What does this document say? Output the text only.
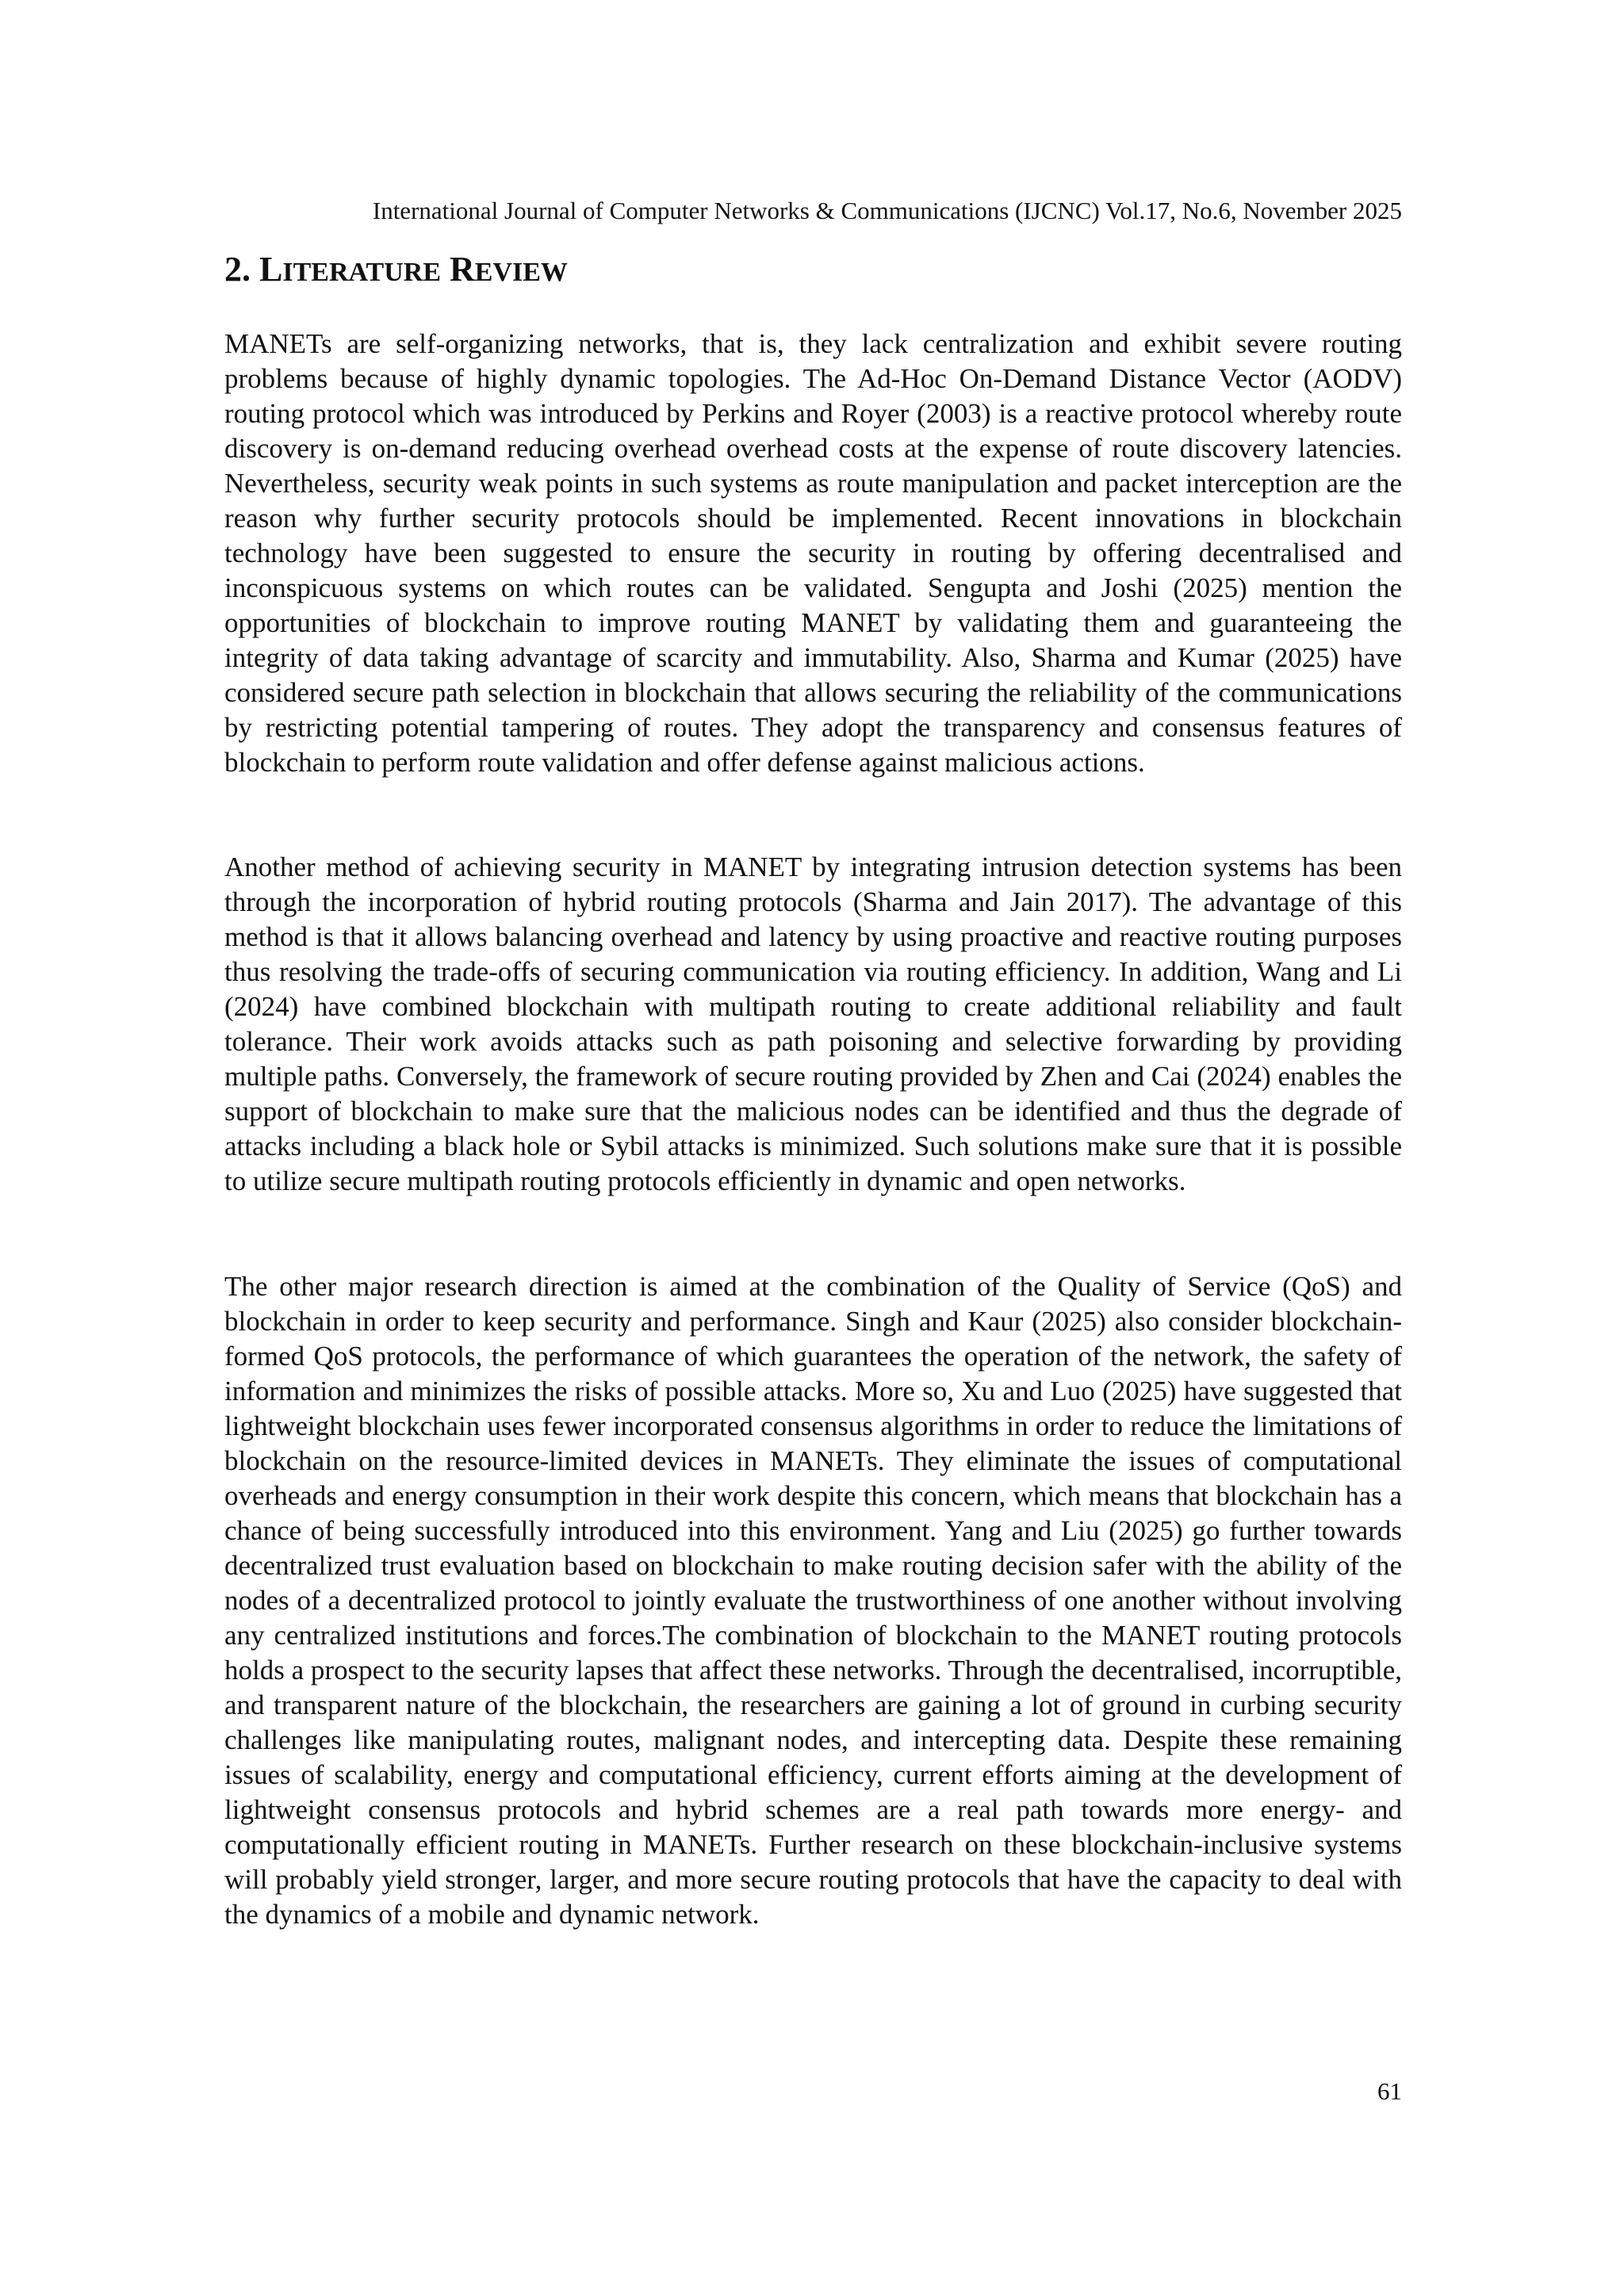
International Journal of Computer Networks & Communications (IJCNC) Vol.17, No.6, November 2025
2. LITERATURE REVIEW

MANETs are self-organizing networks, that is, they lack centralization and exhibit severe routing problems because of highly dynamic topologies. The Ad-Hoc On-Demand Distance Vector (AODV) routing protocol which was introduced by Perkins and Royer (2003) is a reactive protocol whereby route discovery is on-demand reducing overhead overhead costs at the expense of route discovery latencies. Nevertheless, security weak points in such systems as route manipulation and packet interception are the reason why further security protocols should be implemented. Recent innovations in blockchain technology have been suggested to ensure the security in routing by offering decentralised and inconspicuous systems on which routes can be validated. Sengupta and Joshi (2025) mention the opportunities of blockchain to improve routing MANET by validating them and guaranteeing the integrity of data taking advantage of scarcity and immutability. Also, Sharma and Kumar (2025) have considered secure path selection in blockchain that allows securing the reliability of the communications by restricting potential tampering of routes. They adopt the transparency and consensus features of blockchain to perform route validation and offer defense against malicious actions.

Another method of achieving security in MANET by integrating intrusion detection systems has been through the incorporation of hybrid routing protocols (Sharma and Jain 2017). The advantage of this method is that it allows balancing overhead and latency by using proactive and reactive routing purposes thus resolving the trade-offs of securing communication via routing efficiency. In addition, Wang and Li (2024) have combined blockchain with multipath routing to create additional reliability and fault tolerance. Their work avoids attacks such as path poisoning and selective forwarding by providing multiple paths. Conversely, the framework of secure routing provided by Zhen and Cai (2024) enables the support of blockchain to make sure that the malicious nodes can be identified and thus the degrade of attacks including a black hole or Sybil attacks is minimized. Such solutions make sure that it is possible to utilize secure multipath routing protocols efficiently in dynamic and open networks.

The other major research direction is aimed at the combination of the Quality of Service (QoS) and blockchain in order to keep security and performance. Singh and Kaur (2025) also consider blockchain-formed QoS protocols, the performance of which guarantees the operation of the network, the safety of information and minimizes the risks of possible attacks. More so, Xu and Luo (2025) have suggested that lightweight blockchain uses fewer incorporated consensus algorithms in order to reduce the limitations of blockchain on the resource-limited devices in MANETs. They eliminate the issues of computational overheads and energy consumption in their work despite this concern, which means that blockchain has a chance of being successfully introduced into this environment. Yang and Liu (2025) go further towards decentralized trust evaluation based on blockchain to make routing decision safer with the ability of the nodes of a decentralized protocol to jointly evaluate the trustworthiness of one another without involving any centralized institutions and forces.The combination of blockchain to the MANET routing protocols holds a prospect to the security lapses that affect these networks. Through the decentralised, incorruptible, and transparent nature of the blockchain, the researchers are gaining a lot of ground in curbing security challenges like manipulating routes, malignant nodes, and intercepting data. Despite these remaining issues of scalability, energy and computational efficiency, current efforts aiming at the development of lightweight consensus protocols and hybrid schemes are a real path towards more energy- and computationally efficient routing in MANETs. Further research on these blockchain-inclusive systems will probably yield stronger, larger, and more secure routing protocols that have the capacity to deal with the dynamics of a mobile and dynamic network.

61
